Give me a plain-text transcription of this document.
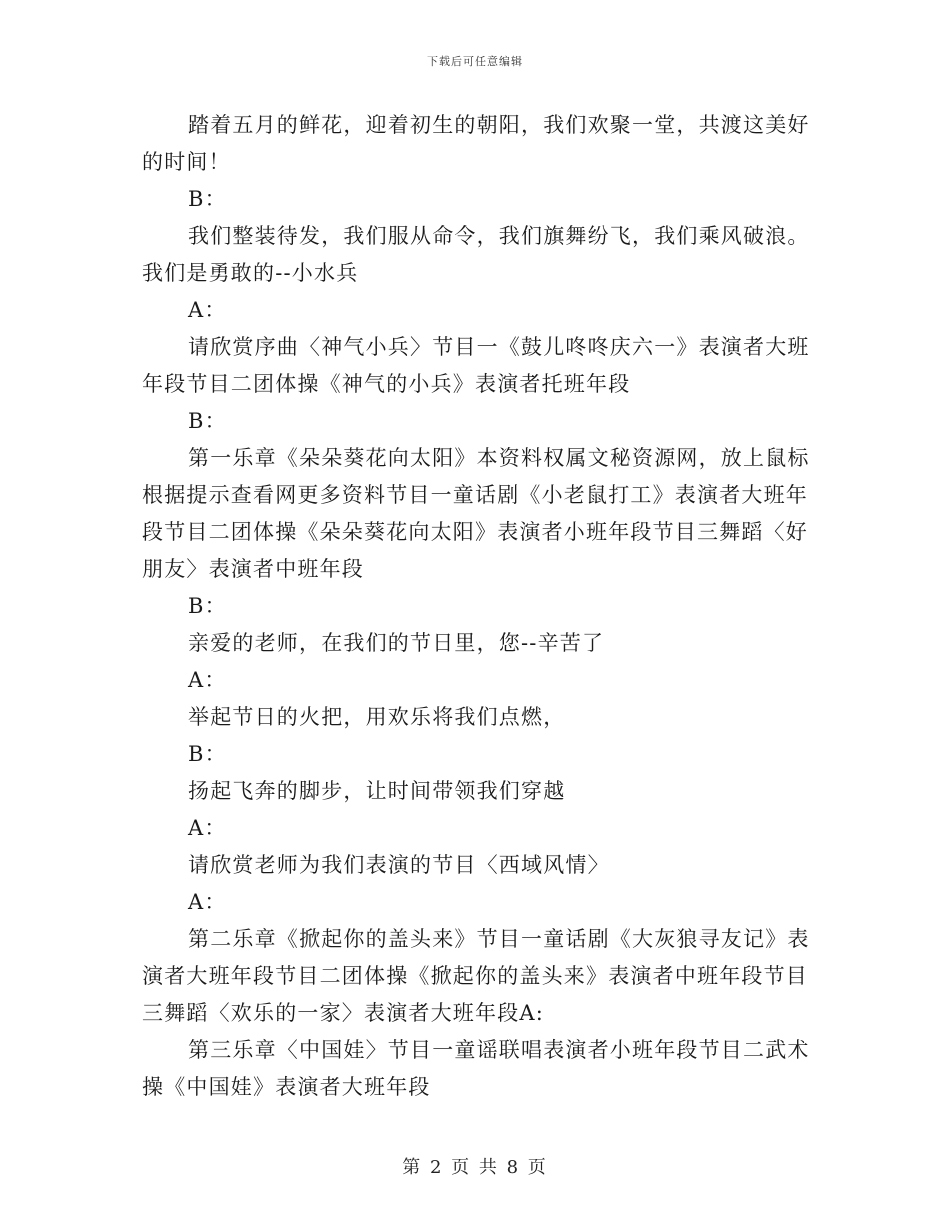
下载后可任意编辑

踏着五月的鲜花，迎着初生的朝阳，我们欢聚一堂，共渡这美好的时间！

B：

我们整装待发，我们服从命令，我们旗舞纷飞，我们乘风破浪。我们是勇敢的--小水兵

A：

请欣赏序曲〈神气小兵〉节目一《鼓儿咚咚庆六一》表演者大班年段节目二团体操《神气的小兵》表演者托班年段

B：

第一乐章《朵朵葵花向太阳》本资料权属文秘资源网，放上鼠标根据提示查看网更多资料节目一童话剧《小老鼠打工》表演者大班年段节目二团体操《朵朵葵花向太阳》表演者小班年段节目三舞蹈〈好朋友〉表演者中班年段

B：

亲爱的老师，在我们的节日里，您--辛苦了

A：

举起节日的火把，用欢乐将我们点燃，

B：

扬起飞奔的脚步，让时间带领我们穿越

A：

请欣赏老师为我们表演的节目〈西域风情〉

A：

第二乐章《掀起你的盖头来》节目一童话剧《大灰狼寻友记》表演者大班年段节目二团体操《掀起你的盖头来》表演者中班年段节目三舞蹈〈欢乐的一家〉表演者大班年段A:

第三乐章〈中国娃〉节目一童谣联唱表演者小班年段节目二武术操《中国娃》表演者大班年段

第 2 页 共 8 页
